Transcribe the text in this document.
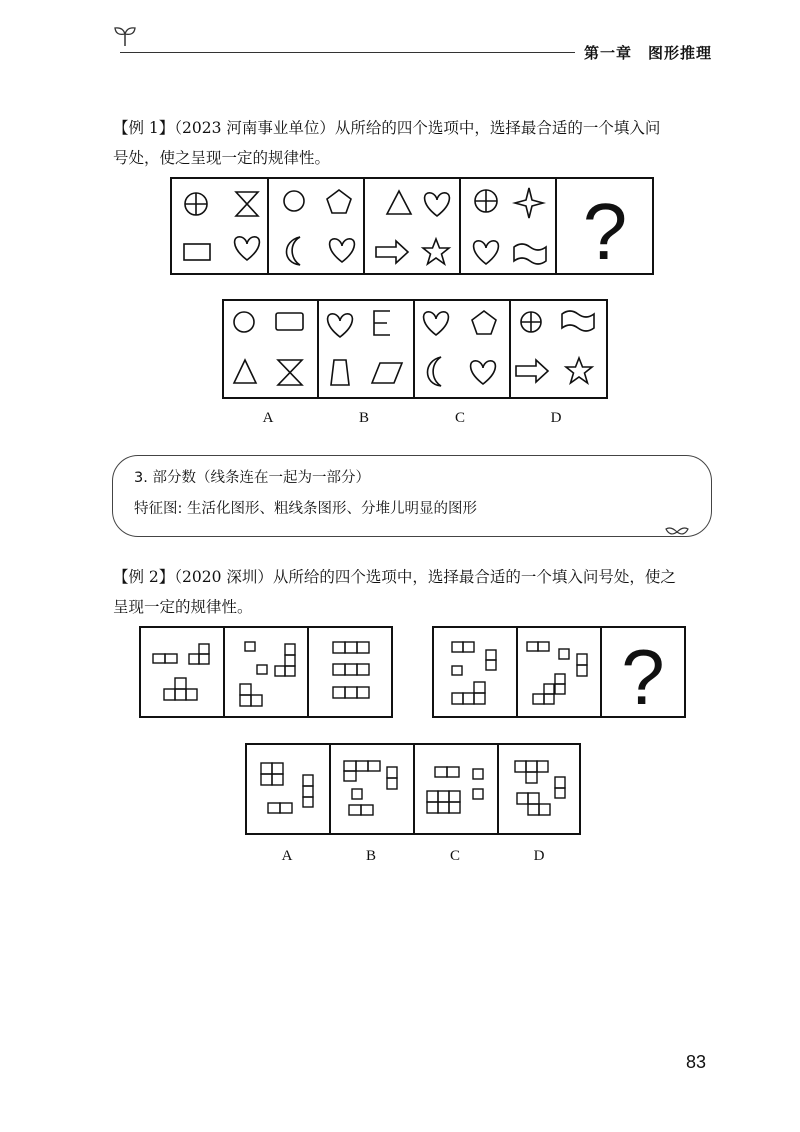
第一章　图形推理
【例 1】（2023 河南事业单位）从所给的四个选项中，选择最合适的一个填入问
号处，使之呈现一定的规律性。
?
A	B	C	D
3. 部分数（线条连在一起为一部分）
特征图: 生活化图形、粗线条图形、分堆儿明显的图形
【例 2】（2020 深圳）从所给的四个选项中，选择最合适的一个填入问号处，使之
呈现一定的规律性。
?
A	B	C	D
83
